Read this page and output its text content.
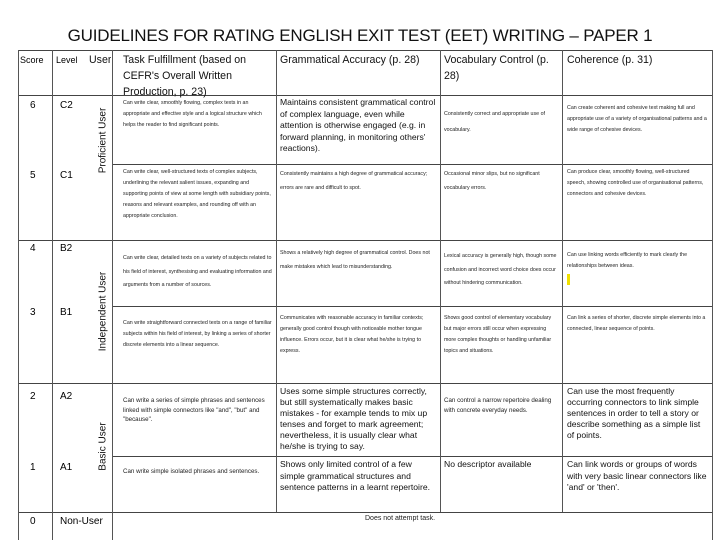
GUIDELINES FOR RATING ENGLISH EXIT TEST (EET) WRITING – PAPER 1
Score Level User Task Fulfillment (based on CEFR's Overall Written Production, p. 23)
Grammatical Accuracy (p. 28)	Vocabulary Control (p. 28)
Coherence (p. 31)
Proficient User
Independent User
Basic User
6 C2
5 C1
4 B2
3 B1
2 A2
1 A1
0 Non-User
Can write clear, smoothly flowing, complex texts in an appropriate and effective style and a logical structure which helps the reader to find significant points.
Maintains consistent grammatical control of complex language, even while attention is otherwise engaged (e.g. in forward planning, in monitoring others' reactions).
Consistently correct and appropriate use of vocabulary.
Can create coherent and cohesive text making full and appropriate use of a variety of organisational patterns and a wide range of cohesive devices.
Can write clear, well-structured texts of complex subjects, underlining the relevant salient issues, expanding and supporting points of view at some length with subsidiary points, reasons and relevant examples, and rounding off with an appropriate conclusion.
Consistently maintains a high degree of grammatical accuracy; errors are rare and difficult to spot.
Occasional minor slips, but no significant vocabulary errors.
Can produce clear, smoothly flowing, well-structured speech, showing controlled use of organisational patterns, connectors and cohesive devices.
Can write clear, detailed texts on a variety of subjects related to his field of interest, synthesising and evaluating information and arguments from a number of sources.
Shows a relatively high degree of grammatical control. Does not make mistakes which lead to misunderstanding.
Lexical accuracy is generally high, though some confusion and incorrect word choice does occur without hindering communication.
Can use linking words efficiently to mark clearly the relationships between ideas.
Can write straightforward connected texts on a range of familiar subjects within his field of interest, by linking a series of shorter discrete elements into a linear sequence.
Communicates with reasonable accuracy in familiar contexts; generally good control though with noticeable mother tongue influence. Errors occur, but it is clear what he/she is trying to express.
Shows good control of elementary vocabulary but major errors still occur when expressing more complex thoughts or handling unfamiliar topics and situations.
Can link a series of shorter, discrete simple elements into a connected, linear sequence of points.
Can write a series of simple phrases and sentences linked with simple connectors like "and", "but" and "because".
Uses some simple structures correctly, but still systematically makes basic mistakes - for example tends to mix up tenses and forget to mark agreement; nevertheless, it is usually clear what he/she is trying to say.
Can control a narrow repertoire dealing with concrete everyday needs.
Can use the most frequently occurring connectors to link simple sentences in order to tell a story or describe something as a simple list of points.
Can write simple isolated phrases and sentences.
Shows only limited control of a few simple grammatical structures and sentence patterns in a learnt repertoire.
No descriptor available	Can link words or groups of words with very basic linear connectors like 'and' or 'then'.
Does not attempt task.
